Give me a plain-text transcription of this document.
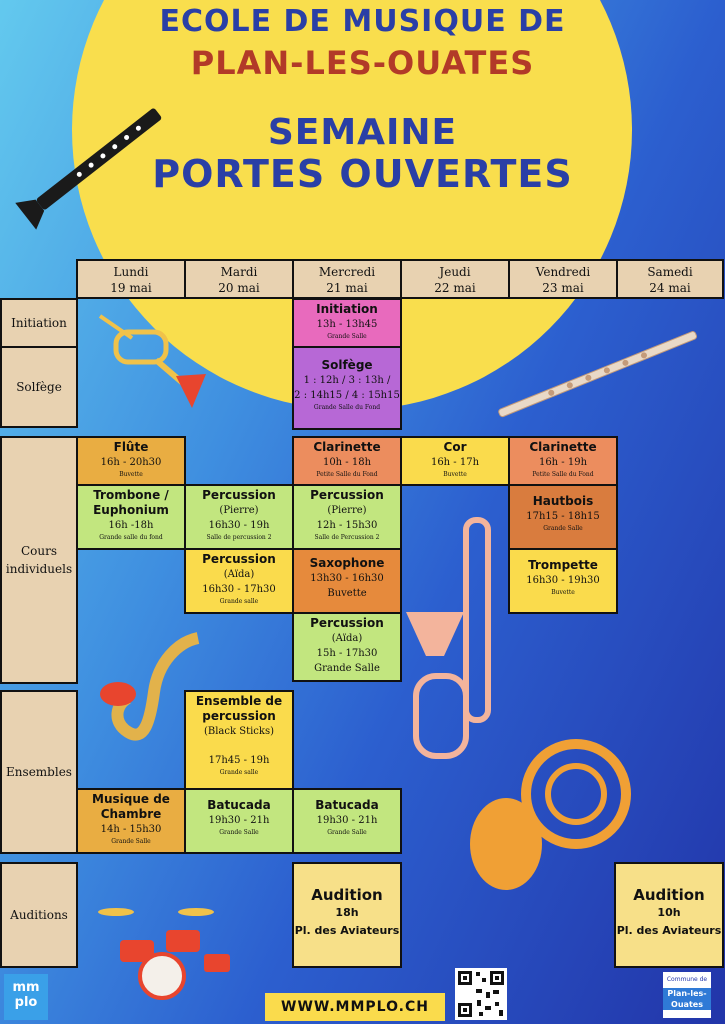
ECOLE DE MUSIQUE DE
PLAN-LES-OUATES
SEMAINE
PORTES OUVERTES
Lundi
19 mai
Mardi
20 mai
Mercredi
21 mai
Jeudi
22 mai
Vendredi
23 mai
Samedi
24 mai
Initiation
Solfège
Cours
individuels
Ensembles
Auditions
Initiation
13h - 13h45
Grande Salle
Solfège
1 : 12h / 3 : 13h /
2 : 14h15 / 4 : 15h15
Grande Salle du Fond
Flûte
16h - 20h30
Buvette
Clarinette
10h - 18h
Petite Salle du Fond
Cor
16h - 17h
Buvette
Clarinette
16h - 19h
Petite Salle du Fond
Trombone /
Euphonium
16h -18h
Grande salle du fond
Percussion
(Pierre)
16h30 - 19h
Salle de percussion 2
Percussion
(Pierre)
12h - 15h30
Salle de Percussion 2
Hautbois
17h15 - 18h15
Grande Salle
Percussion
(Aïda)
16h30 - 17h30
Grande salle
Saxophone
13h30 - 16h30
Buvette
Trompette
16h30 - 19h30
Buvette
Percussion
(Aïda)
15h - 17h30
Grande Salle
Ensemble de
percussion
(Black Sticks)
17h45 - 19h
Grande salle
Musique de
Chambre
14h - 15h30
Grande Salle
Batucada
19h30 - 21h
Grande Salle
Batucada
19h30 - 21h
Grande Salle
Audition
18h
Pl. des Aviateurs
Audition
10h
Pl. des Aviateurs
mm
plo	WWW.MMPLO.CH
Commune de
Plan-les-Ouates
